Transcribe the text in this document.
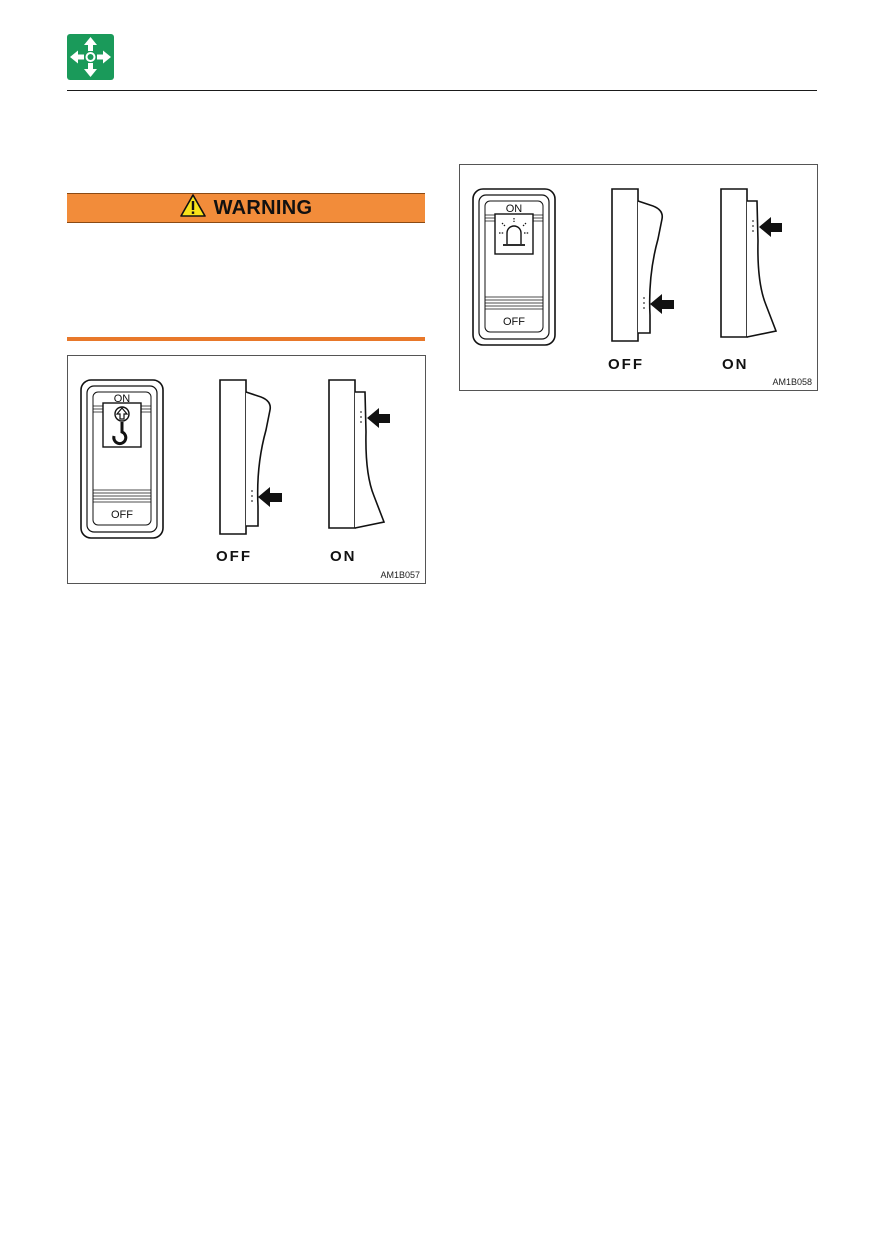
WARNING
ON
OFF
OFF	ON
AM1B057
ON
OFF
OFF	ON
AM1B058
